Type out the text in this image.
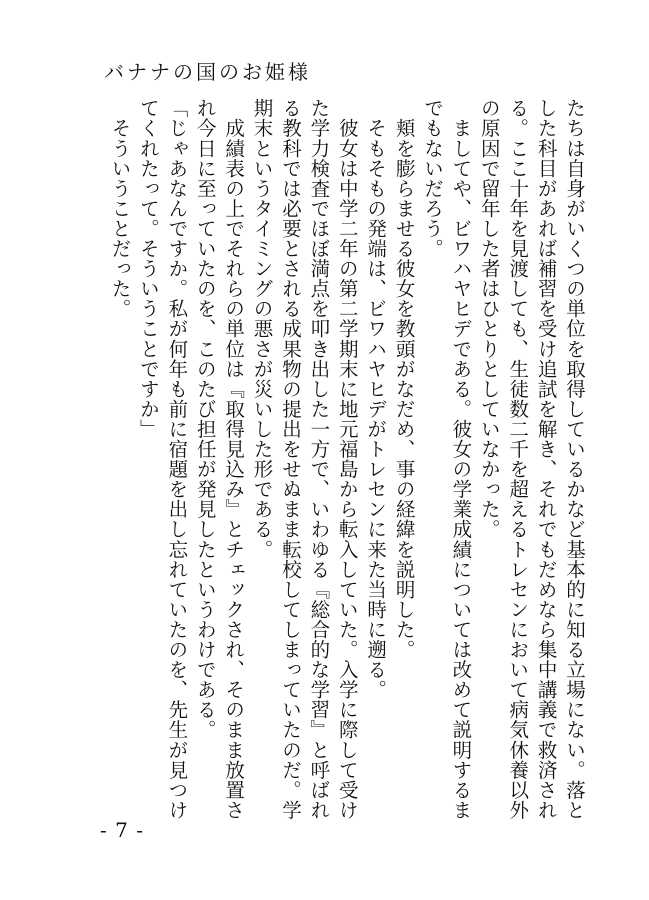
バナナの国のお姫様

たちは自身がいくつの単位を取得しているかなど基本的に知る立場にない。落と

した科目があれば補習を受け追試を解き、それでもだめなら集中講義で救済され

る。ここ十年を見渡しても、生徒数二千を超えるトレセンにおいて病気休養以外

の原因で留年した者はひとりとしていなかった。

　ましてや、ビワハヤヒデである。彼女の学業成績については改めて説明するま

でもないだろう。

　頬を膨らませる彼女を教頭がなだめ、事の経緯を説明した。

　そもそもの発端は、ビワハヤヒデがトレセンに来た当時に遡る。

　彼女は中学二年の第二学期末に地元福島から転入していた。入学に際して受け

た学力検査でほぼ満点を叩き出した一方で、いわゆる『総合的な学習』と呼ばれ

る教科では必要とされる成果物の提出をせぬまま転校してしまっていたのだ。学

期末というタイミングの悪さが災いした形である。

　成績表の上でそれらの単位は『取得見込み』とチェックされ、そのまま放置さ

れ今日に至っていたのを、このたび担任が発見したというわけである。

「じゃあなんですか。私が何年も前に宿題を出し忘れていたのを、先生が見つけ

てくれたって。そういうことですか」

　そういうことだった。

- 7 -
